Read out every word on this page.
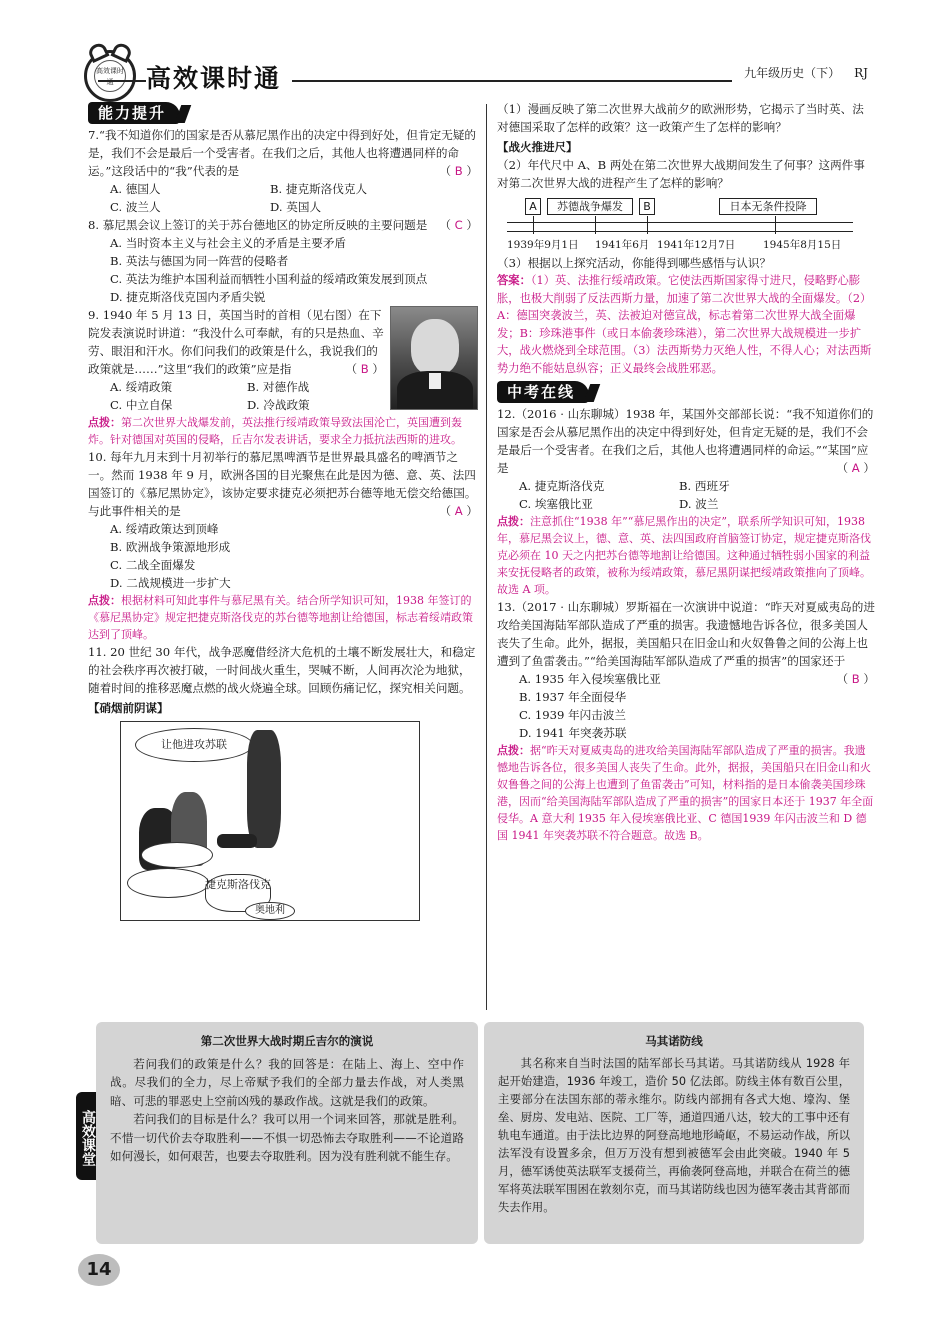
高效课时通	高效课时通	九年级历史（下） RJ
能力提升

7.“我不知道你们的国家是否从慕尼黑作出的决定中得到好处，但肯定无疑的是，我们不会是最后一个受害者。在我们之后，其他人也将遭遇同样的命运。”这段话中的“我”代表的是	（ B ）

A. 德国人	B. 捷克斯洛伐克人
C. 波兰人	D. 英国人

8. 慕尼黑会议上签订的关于苏台德地区的协定所反映的主要问题是 （ C ）

A. 当时资本主义与社会主义的矛盾是主要矛盾
B. 英法与德国为同一阵营的侵略者
C. 英法为维护本国利益而牺牲小国利益的绥靖政策发展到顶点
D. 捷克斯洛伐克国内矛盾尖锐

9. 1940 年 5 月 13 日，英国当时的首相（见右图）在下院发表演说时讲道：“我没什么可奉献，有的只是热血、辛劳、眼泪和汗水。你们问我们的政策是什么，我说我们的政策就是……”这里“我们的政策”应是指	（ B ）

A. 绥靖政策	B. 对德作战
C. 中立自保	D. 冷战政策

点拨：第二次世界大战爆发前，英法推行绥靖政策导致法国沦亡，英国遭到轰炸。针对德国对英国的侵略，丘吉尔发表讲话，要求全力抵抗法西斯的进攻。

10. 每年九月末到十月初举行的慕尼黑啤酒节是世界最具盛名的啤酒节之一。然而 1938 年 9 月，欧洲各国的目光聚焦在此是因为德、意、英、法四国签订的《慕尼黑协定》，该协定要求捷克必须把苏台德等地无偿交给德国。与此事件相关的是	（ A ）

A. 绥靖政策达到顶峰
B. 欧洲战争策源地形成
C. 二战全面爆发
D. 二战规模进一步扩大

点拨：根据材料可知此事件与慕尼黑有关。结合所学知识可知，1938 年签订的《慕尼黑协定》规定把捷克斯洛伐克的苏台德等地割让给德国，标志着绥靖政策达到了顶峰。

11. 20 世纪 30 年代，战争恶魔借经济大危机的土壤不断发展壮大，和稳定的社会秩序再次被打破，一时间战火重生，哭喊不断，人间再次沦为地狱，随着时间的推移恶魔点燃的战火烧遍全球。回顾伤痛记忆，探究相关问题。

【硝烟前阴谋】
让他进攻苏联
捷克斯洛伐克
奥地利

（1）漫画反映了第二次世界大战前夕的欧洲形势，它揭示了当时英、法对德国采取了怎样的政策？这一政策产生了怎样的影响？

【战火推进尺】

（2）年代尺中 A、B 两处在第二次世界大战期间发生了何事？这两件事对第二次世界大战的进程产生了怎样的影响？

A	苏德战争爆发	B	日本无条件投降
1939年9月1日 1941年6月 1941年12月7日	1945年8月15日

（3）根据以上探究活动，你能得到哪些感悟与认识？

答案：（1）英、法推行绥靖政策。它使法西斯国家得寸进尺，侵略野心膨胀，也极大削弱了反法西斯力量，加速了第二次世界大战的全面爆发。（2）A：德国突袭波兰，英、法被迫对德宣战，标志着第二次世界大战全面爆发；B：珍珠港事件（或日本偷袭珍珠港），第二次世界大战规模进一步扩大，战火燃烧到全球范围。（3）法西斯势力灭绝人性，不得人心；对法西斯势力绝不能姑息纵容；正义最终会战胜邪恶。

中考在线

12.（2016 · 山东聊城）1938 年，某国外交部部长说：“我不知道你们的国家是否会从慕尼黑作出的决定中得到好处，但肯定无疑的是，我们不会是最后一个受害者。在我们之后，其他人也将遭遇同样的命运。”“某国”应是	（ A ）

A. 捷克斯洛伐克	B. 西班牙
C. 埃塞俄比亚	D. 波兰

点拨：注意抓住“1938 年”“慕尼黑作出的决定”，联系所学知识可知，1938 年，慕尼黑会议上，德、意、英、法四国政府首脑签订协定，规定捷克斯洛伐克必须在 10 天之内把苏台德等地割让给德国。这种通过牺牲弱小国家的利益来安抚侵略者的政策，被称为绥靖政策，慕尼黑阴谋把绥靖政策推向了顶峰。故选 A 项。

13.（2017 · 山东聊城）罗斯福在一次演讲中说道：“昨天对夏威夷岛的进攻给美国海陆军部队造成了严重的损害。我遗憾地告诉各位，很多美国人丧失了生命。此外，据报，美国船只在旧金山和火奴鲁鲁之间的公海上也遭到了鱼雷袭击。”“给美国海陆军部队造成了严重的损害”的国家还于
（ B ）

A. 1935 年入侵埃塞俄比亚
B. 1937 年全面侵华
C. 1939 年闪击波兰
D. 1941 年突袭苏联

点拨：据“昨天对夏威夷岛的进攻给美国海陆军部队造成了严重的损害。我遗憾地告诉各位，很多美国人丧失了生命。此外，据报，美国船只在旧金山和火奴鲁鲁之间的公海上也遭到了鱼雷袭击”可知，材料指的是日本偷袭美国珍珠港，因而“给美国海陆军部队造成了严重的损害”的国家日本还于 1937 年全面侵华。A 意大利 1935 年入侵埃塞俄比亚、C 德国1939 年闪击波兰和 D 德国 1941 年突袭苏联不符合题意。故选 B。

高效课堂
第二次世界大战时期丘吉尔的演说

若问我们的政策是什么？我的回答是：在陆上、海上、空中作战。尽我们的全力，尽上帝赋予我们的全部力量去作战，对人类黑暗、可悲的罪恶史上空前凶残的暴政作战。这就是我们的政策。

若问我们的目标是什么？我可以用一个词来回答，那就是胜利。不惜一切代价去夺取胜利——不惧一切恐怖去夺取胜利——不论道路如何漫长，如何艰苦，也要去夺取胜利。因为没有胜利就不能生存。

马其诺防线

其名称来自当时法国的陆军部长马其诺。马其诺防线从 1928 年起开始建造，1936 年竣工，造价 50 亿法郎。防线主体有数百公里，主要部分在法国东部的蒂永维尔。防线内部拥有各式大炮、壕沟、堡垒、厨房、发电站、医院、工厂等，通道四通八达，较大的工事中还有轨电车通道。由于法比边界的阿登高地地形崎岖，不易运动作战，所以法军没有设置多余，但万万没有想到被德军会由此突破。1940 年 5 月，德军诱使英法联军支援荷兰，再偷袭阿登高地，并联合在荷兰的德军将英法联军围困在敦刻尔克，而马其诺防线也因为德军袭击其背部而失去作用。

14
